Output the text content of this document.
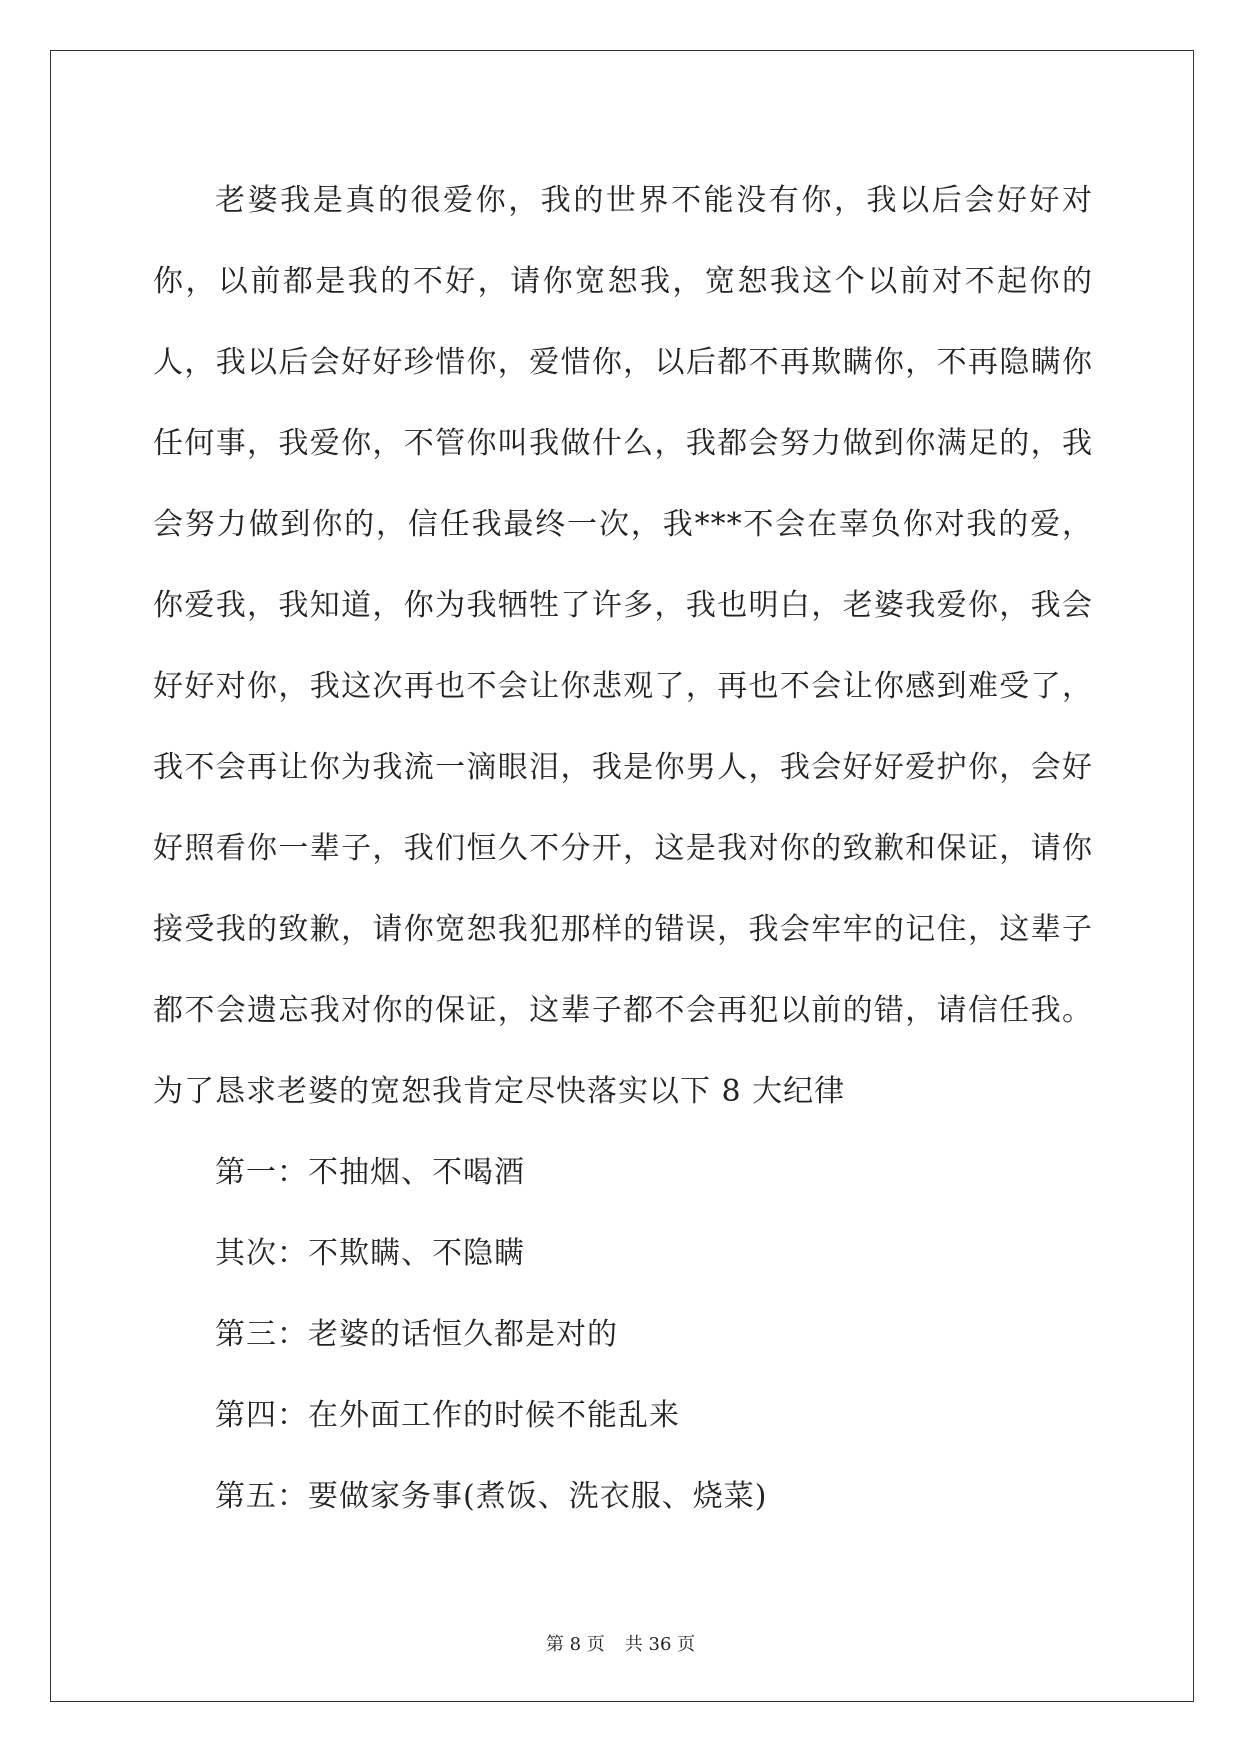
老婆我是真的很爱你，我的世界不能没有你，我以后会好好对你，以前都是我的不好，请你宽恕我，宽恕我这个以前对不起你的人，我以后会好好珍惜你，爱惜你，以后都不再欺瞒你，不再隐瞒你任何事，我爱你，不管你叫我做什么，我都会努力做到你满足的，我会努力做到你的，信任我最终一次，我***不会在辜负你对我的爱，你爱我，我知道，你为我牺牲了许多，我也明白，老婆我爱你，我会好好对你，我这次再也不会让你悲观了，再也不会让你感到难受了，我不会再让你为我流一滴眼泪，我是你男人，我会好好爱护你，会好好照看你一辈子，我们恒久不分开，这是我对你的致歉和保证，请你接受我的致歉，请你宽恕我犯那样的错误，我会牢牢的记住，这辈子都不会遗忘我对你的保证，这辈子都不会再犯以前的错，请信任我。为了恳求老婆的宽恕我肯定尽快落实以下 8 大纪律

第一：不抽烟、不喝酒

其次：不欺瞒、不隐瞒

第三：老婆的话恒久都是对的

第四：在外面工作的时候不能乱来

第五：要做家务事(煮饭、洗衣服、烧菜)

第 8 页 共 36 页
